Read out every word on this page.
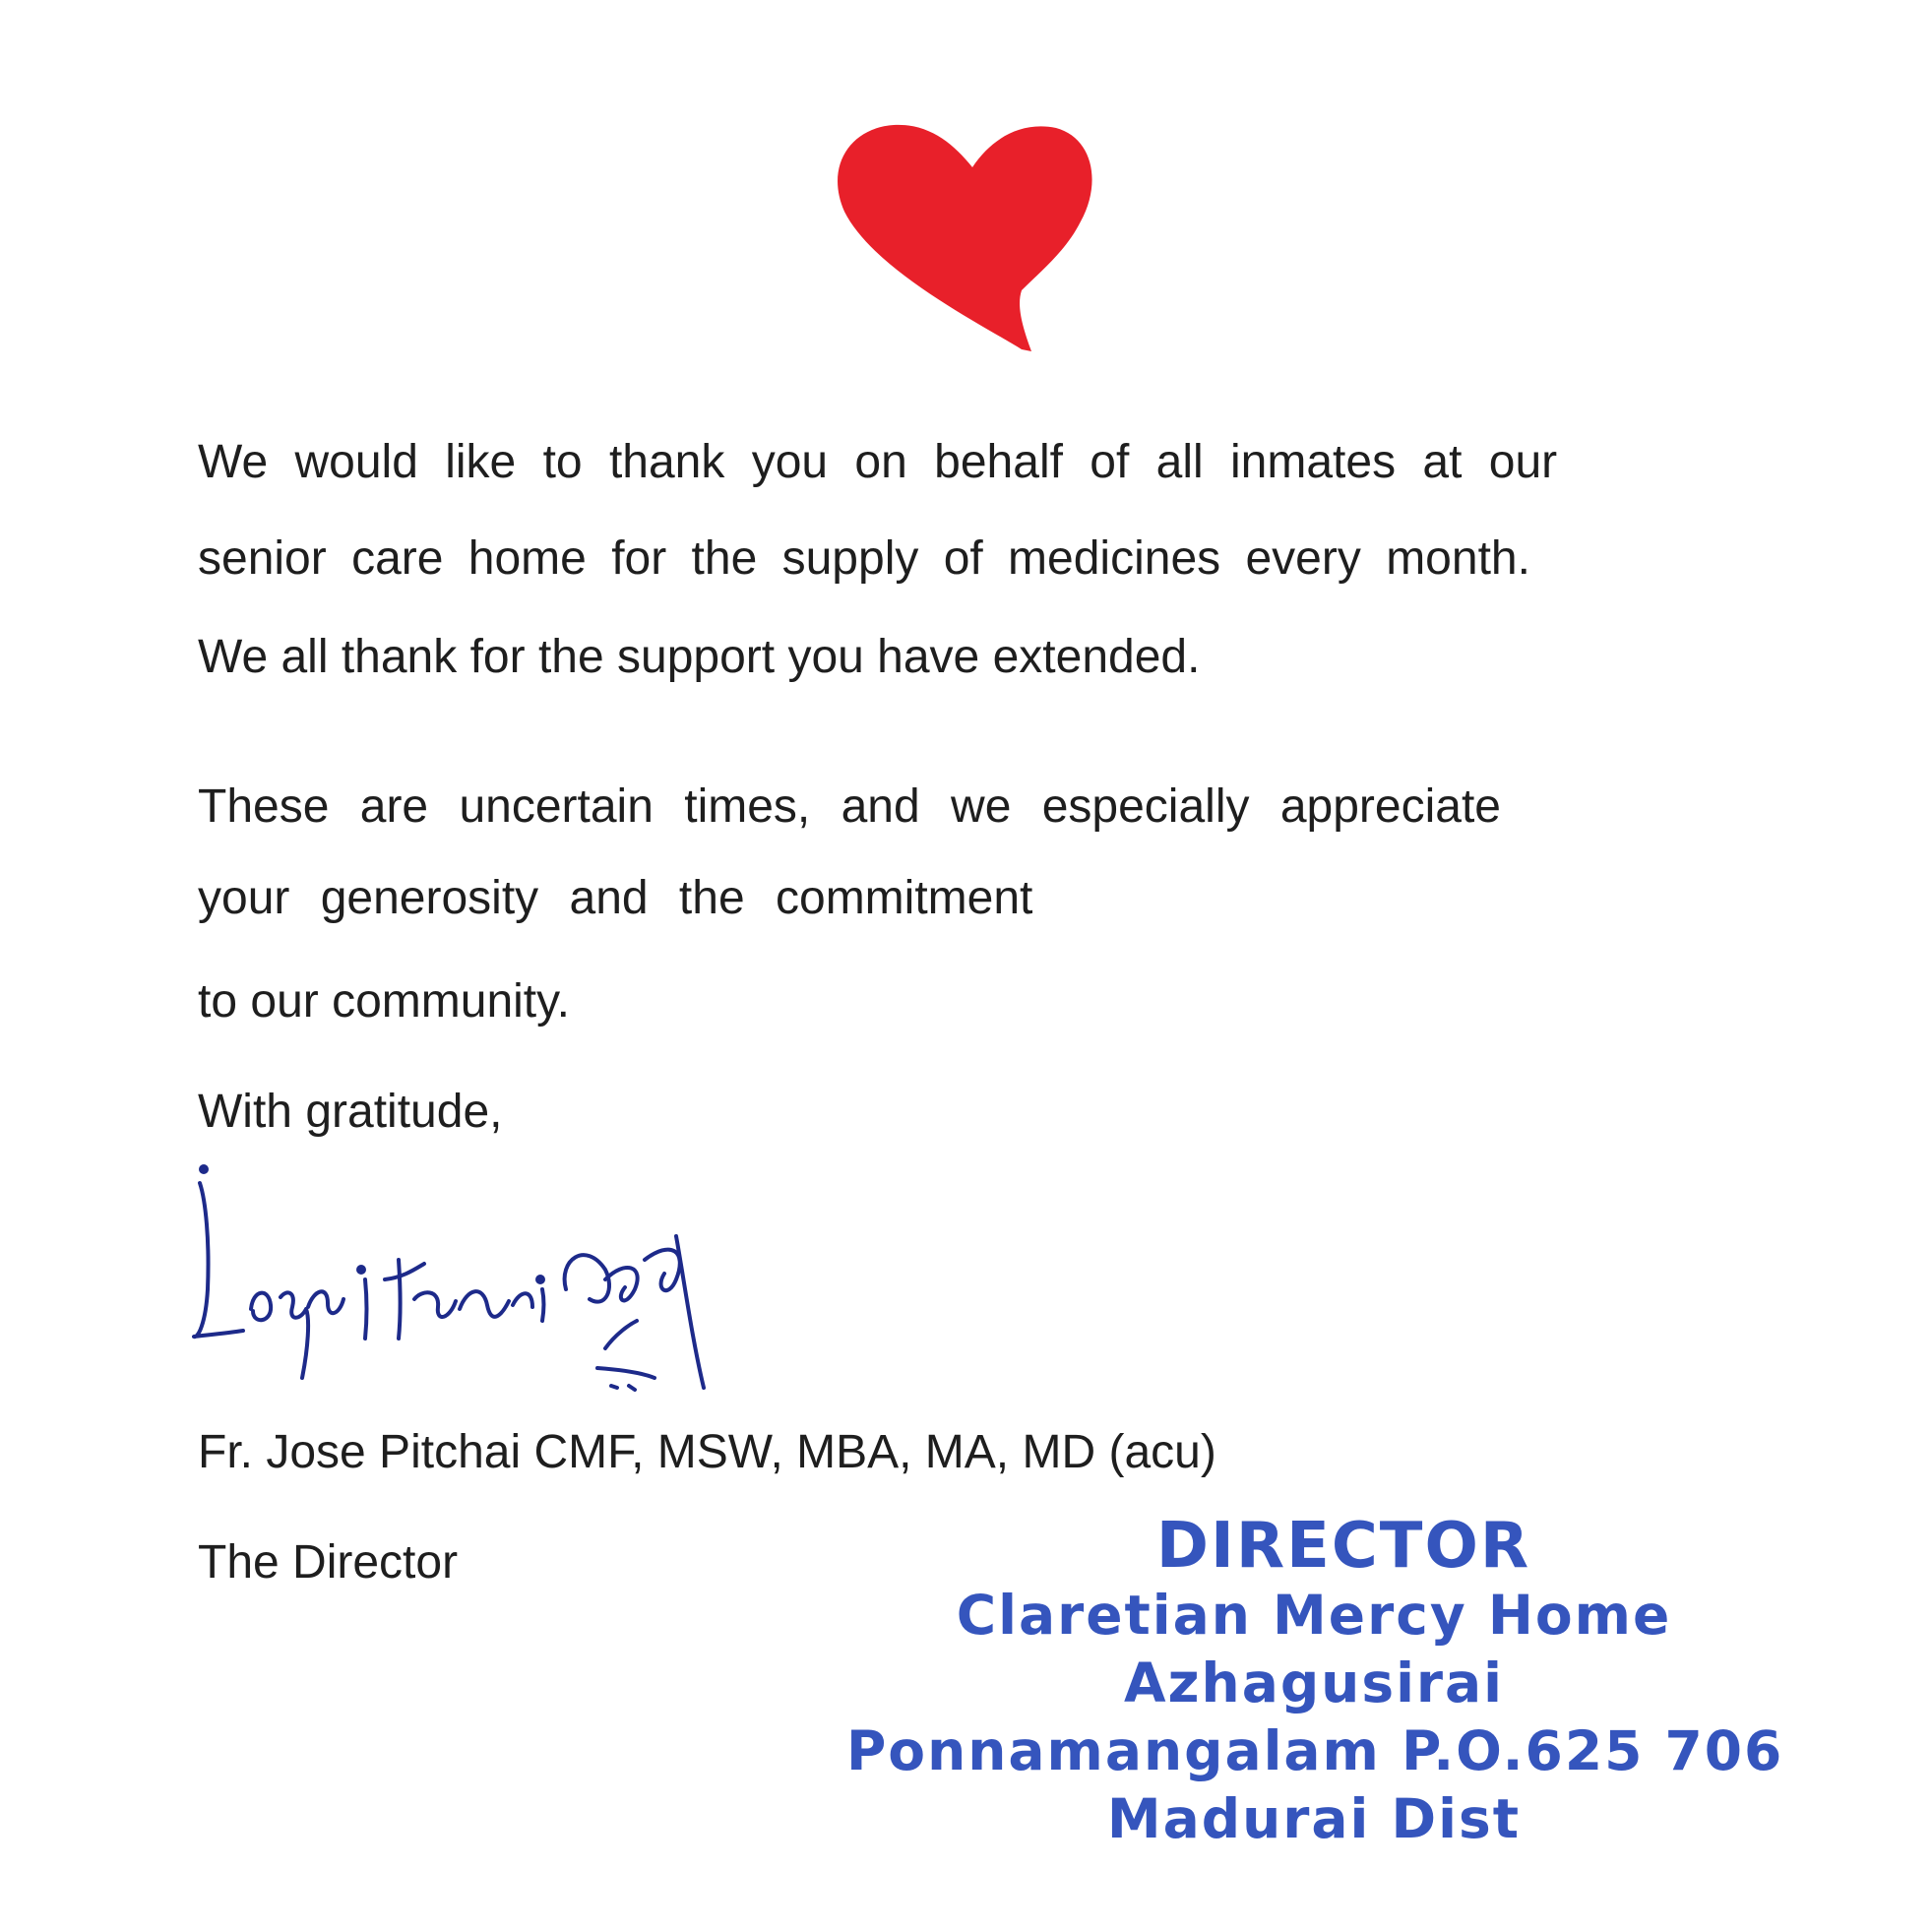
We would like to thank you on behalf of all inmates at our
senior care home for the supply of medicines every month.
We all thank for the support you have extended.
These are uncertain times, and we especially appreciate
your generosity and the commitment
to our community.
With gratitude,
Fr. Jose Pitchai CMF, MSW, MBA, MA, MD (acu)
The Director	DIRECTOR
Claretian Mercy Home
Azhagusirai
Ponnamangalam P.O.625 706
Madurai Dist
